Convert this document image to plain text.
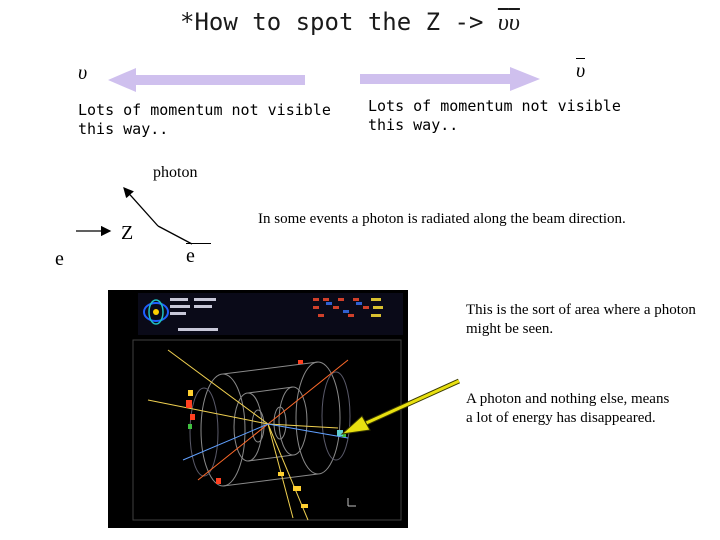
*How to spot the $Z -> \overline{\upsilon}\overline{\upsilon}$
υ	υ
Lots of momentum not visible this way..
Lots of momentum not visible this way..
photon
Z
e	e
In some events a photon is radiated along the beam direction.
This is the sort of area where a photon might be seen.
A photon and nothing else, means a lot of energy has disappeared.
